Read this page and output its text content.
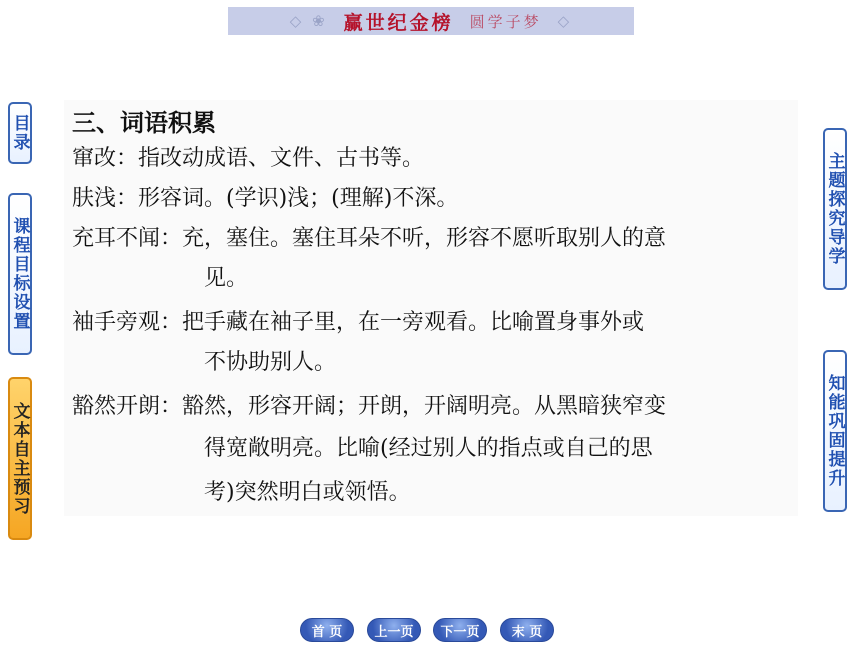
◇ ❀ 赢世纪金榜 圆学子梦 ◇
目录
课程目标设置
文本自主预习
主题探究导学
知能巩固提升
三、词语积累
窜改：指改动成语、文件、古书等。
肤浅：形容词。(学识)浅；(理解)不深。
充耳不闻：充，塞住。塞住耳朵不听，形容不愿听取别人的意
见。
袖手旁观：把手藏在袖子里，在一旁观看。比喻置身事外或
不协助别人。
豁然开朗：豁然，形容开阔；开朗，开阔明亮。从黑暗狭窄变
得宽敞明亮。比喻(经过别人的指点或自己的思
考)突然明白或领悟。
首 页	上一页	下一页	末 页
